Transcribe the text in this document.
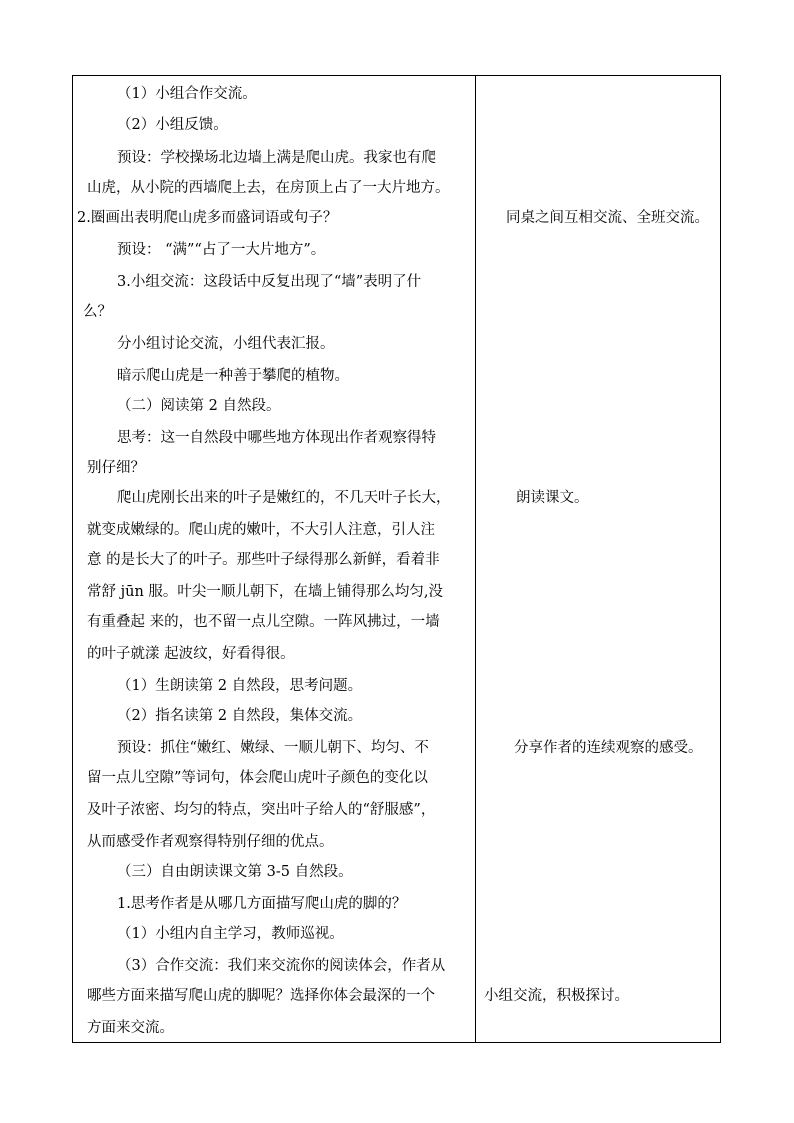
（1）小组合作交流。
（2）小组反馈。
预设：学校操场北边墙上满是爬山虎。我家也有爬
山虎，从小院的西墙爬上去，在房顶上占了一大片地方。
2.圈画出表明爬山虎多而盛词语或句子？
预设： “满”“占了一大片地方”。
3.小组交流：这段话中反复出现了“墙”表明了什
么？
分小组讨论交流，小组代表汇报。
暗示爬山虎是一种善于攀爬的植物。
（二）阅读第 2 自然段。
思考：这一自然段中哪些地方体现出作者观察得特
别仔细？
爬山虎刚长出来的叶子是嫩红的，不几天叶子长大，
就变成嫩绿的。爬山虎的嫩叶，不大引人注意，引人注
意 的是长大了的叶子。那些叶子绿得那么新鲜，看着非
常舒 jūn 服。叶尖一顺儿朝下，在墙上铺得那么均匀,没
有重叠起 来的，也不留一点儿空隙。一阵风拂过，一墙
的叶子就漾 起波纹，好看得很。
（1）生朗读第 2 自然段，思考问题。
（2）指名读第 2 自然段，集体交流。
预设：抓住“嫩红、嫩绿、一顺儿朝下、均匀、不
留一点儿空隙”等词句，体会爬山虎叶子颜色的变化以
及叶子浓密、均匀的特点，突出叶子给人的“舒服感”，
从而感受作者观察得特别仔细的优点。
（三）自由朗读课文第 3-5 自然段。
1.思考作者是从哪几方面描写爬山虎的脚的？
（1）小组内自主学习，教师巡视。
（3）合作交流：我们来交流你的阅读体会，作者从
哪些方面来描写爬山虎的脚呢？选择你体会最深的一个
方面来交流。
同桌之间互相交流、全班交流。
朗读课文。
分享作者的连续观察的感受。
小组交流，积极探讨。
